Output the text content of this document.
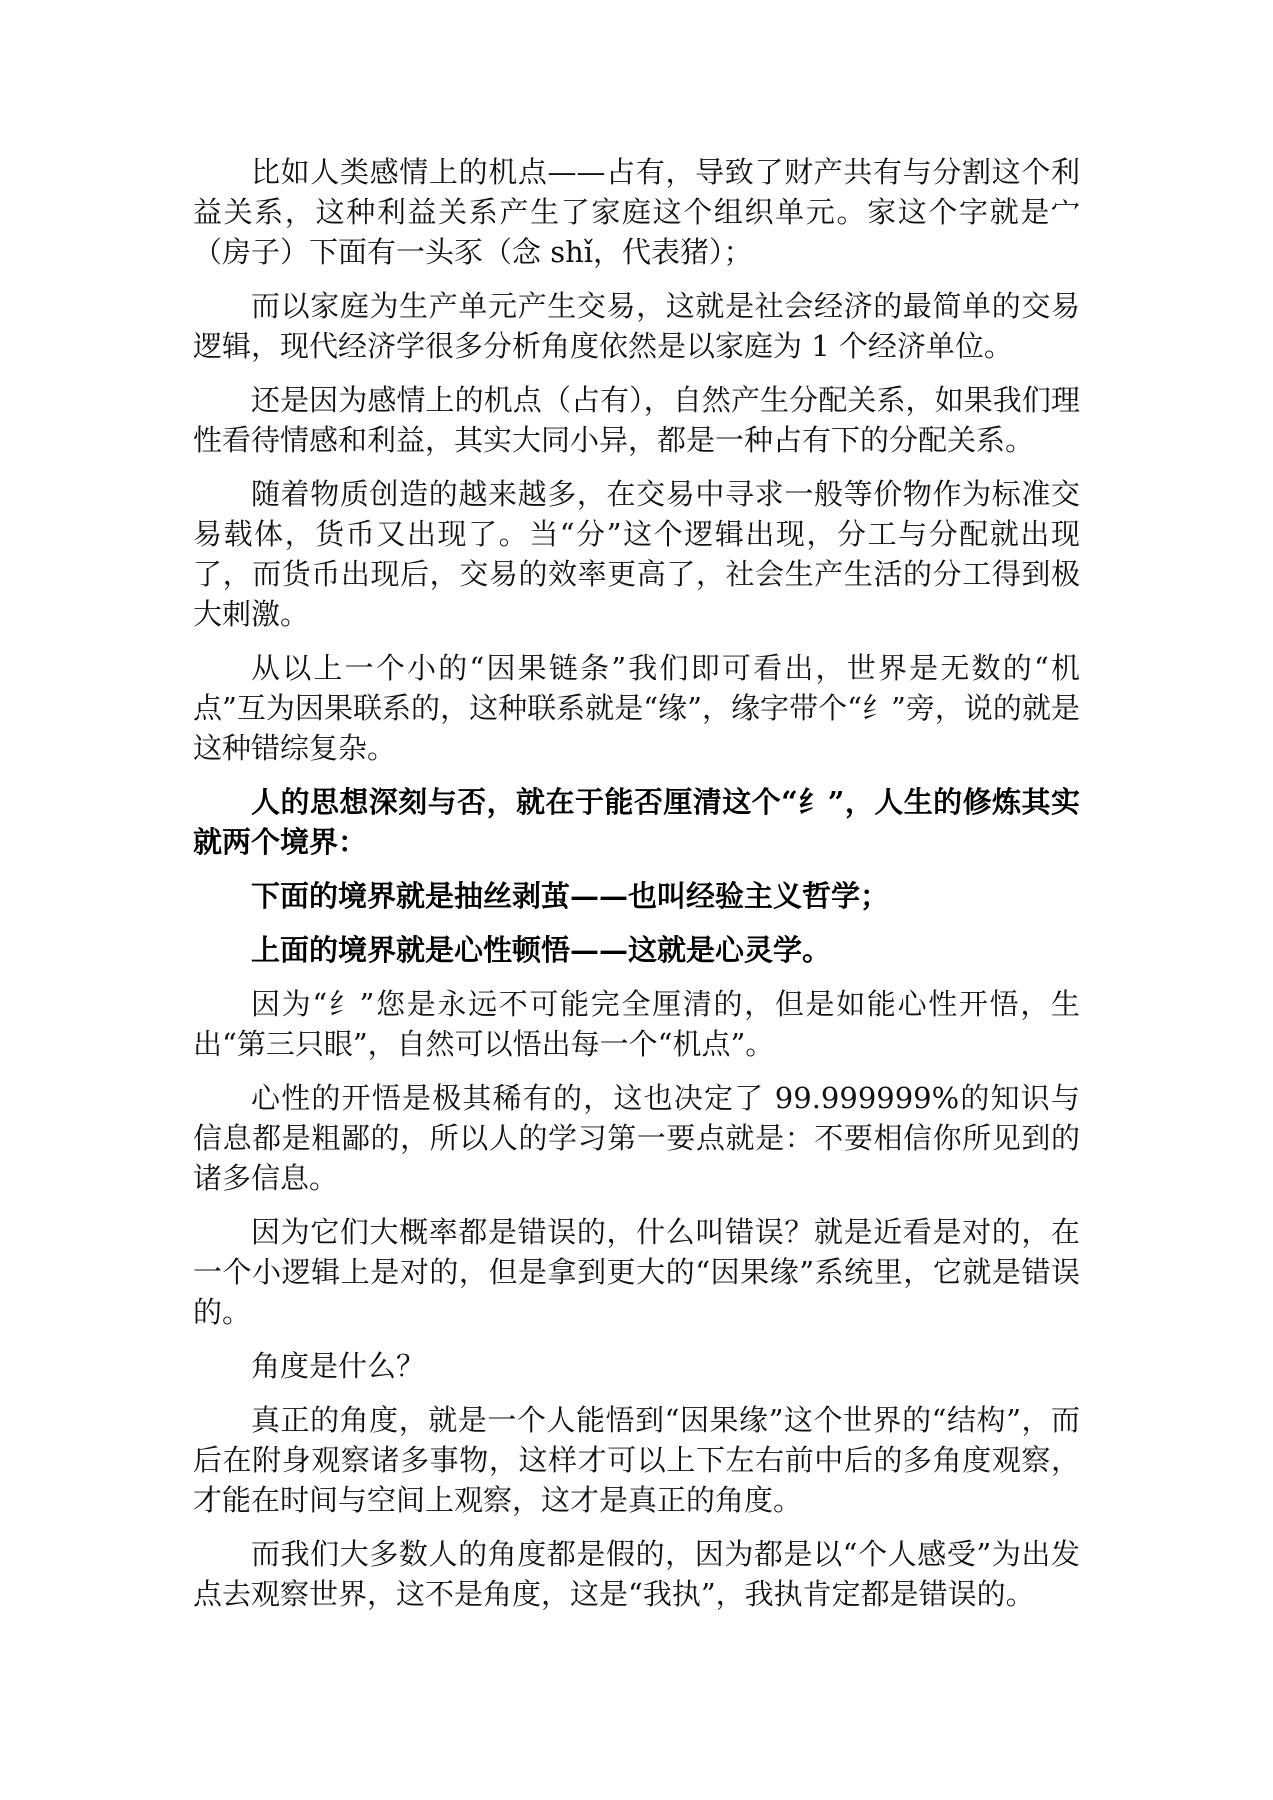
比如人类感情上的机点——占有，导致了财产共有与分割这个利益关系，这种利益关系产生了家庭这个组织单元。家这个字就是宀（房子）下面有一头豕（念 shǐ，代表猪）；

而以家庭为生产单元产生交易，这就是社会经济的最简单的交易逻辑，现代经济学很多分析角度依然是以家庭为 1 个经济单位。

还是因为感情上的机点（占有），自然产生分配关系，如果我们理性看待情感和利益，其实大同小异，都是一种占有下的分配关系。

随着物质创造的越来越多，在交易中寻求一般等价物作为标准交易载体，货币又出现了。当“分”这个逻辑出现，分工与分配就出现了，而货币出现后，交易的效率更高了，社会生产生活的分工得到极大刺激。

从以上一个小的“因果链条”我们即可看出，世界是无数的“机点”互为因果联系的，这种联系就是“缘”，缘字带个“纟”旁，说的就是这种错综复杂。

人的思想深刻与否，就在于能否厘清这个“纟”，人生的修炼其实就两个境界：

下面的境界就是抽丝剥茧——也叫经验主义哲学；

上面的境界就是心性顿悟——这就是心灵学。

因为“纟”您是永远不可能完全厘清的，但是如能心性开悟，生出“第三只眼”，自然可以悟出每一个“机点”。

心性的开悟是极其稀有的，这也决定了 99.999999%的知识与信息都是粗鄙的，所以人的学习第一要点就是：不要相信你所见到的诸多信息。

因为它们大概率都是错误的，什么叫错误？就是近看是对的，在一个小逻辑上是对的，但是拿到更大的“因果缘”系统里，它就是错误的。

角度是什么？

真正的角度，就是一个人能悟到“因果缘”这个世界的“结构”，而后在附身观察诸多事物，这样才可以上下左右前中后的多角度观察，才能在时间与空间上观察，这才是真正的角度。

而我们大多数人的角度都是假的，因为都是以“个人感受”为出发点去观察世界，这不是角度，这是“我执”，我执肯定都是错误的。
